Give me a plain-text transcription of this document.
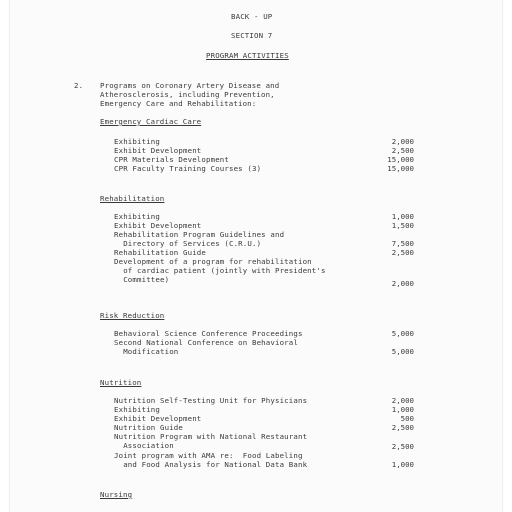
BACK - UP
SECTION 7
PROGRAM ACTIVITIES
2. Programs on Coronary Artery Disease and
Atherosclerosis, including Prevention,
Emergency Care and Rehabilitation:
Emergency Cardiac Care
Exhibiting	2,000
Exhibit Development	2,500
CPR Materials Development	15,000
CPR Faculty Training Courses (3)	15,000
Rehabilitation
Exhibiting	1,000
Exhibit Development	1,500
Rehabilitation Program Guidelines and
Directory of Services (C.R.U.)	7,500
Rehabilitation Guide	2,500
Development of a program for rehabilitation
of cardiac patient (jointly with President's
Committee)	2,000
Risk Reduction
Behavioral Science Conference Proceedings	5,000
Second National Conference on Behavioral
Modification	5,000
Nutrition
Nutrition Self-Testing Unit for Physicians	2,000
Exhibiting	1,000
Exhibit Development	500
Nutrition Guide	2,500
Nutrition Program with National Restaurant
Association	2,500
Joint program with AMA re:  Food Labeling
and Food Analysis for National Data Bank	1,000
Nursing
